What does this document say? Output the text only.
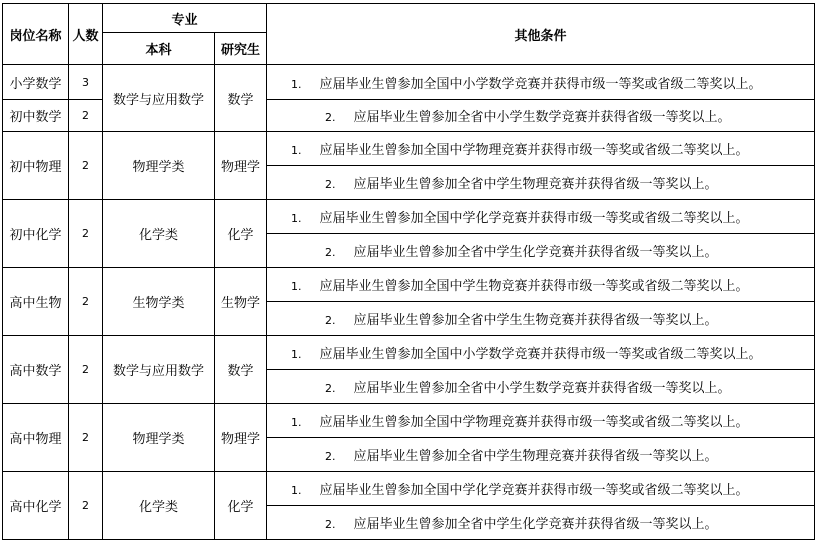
岗位名称	人数	专业		其他条件
		本科	研究生	
小学数学	3	数学与应用数学	数学	1. 应届毕业生曾参加全国中小学数学竞赛并获得市级一等奖或省级二等奖以上。
初中数学	2			2. 应届毕业生曾参加全省中小学生数学竞赛并获得省级一等奖以上。
初中物理	2	物理学类	物理学	1. 应届毕业生曾参加全国中学物理竞赛并获得市级一等奖或省级二等奖以上。
				2. 应届毕业生曾参加全省中学生物理竞赛并获得省级一等奖以上。
初中化学	2	化学类	化学	1. 应届毕业生曾参加全国中学化学竞赛并获得市级一等奖或省级二等奖以上。
				2. 应届毕业生曾参加全省中学生化学竞赛并获得省级一等奖以上。
高中生物	2	生物学类	生物学	1. 应届毕业生曾参加全国中学生物竞赛并获得市级一等奖或省级二等奖以上。
				2. 应届毕业生曾参加全省中学生生物竞赛并获得省级一等奖以上。
高中数学	2	数学与应用数学	数学	1. 应届毕业生曾参加全国中小学数学竞赛并获得市级一等奖或省级二等奖以上。
				2. 应届毕业生曾参加全省中小学生数学竞赛并获得省级一等奖以上。
高中物理	2	物理学类	物理学	1. 应届毕业生曾参加全国中学物理竞赛并获得市级一等奖或省级二等奖以上。
				2. 应届毕业生曾参加全省中学生物理竞赛并获得省级一等奖以上。
高中化学	2	化学类	化学	1. 应届毕业生曾参加全国中学化学竞赛并获得市级一等奖或省级二等奖以上。
				2. 应届毕业生曾参加全省中学生化学竞赛并获得省级一等奖以上。
